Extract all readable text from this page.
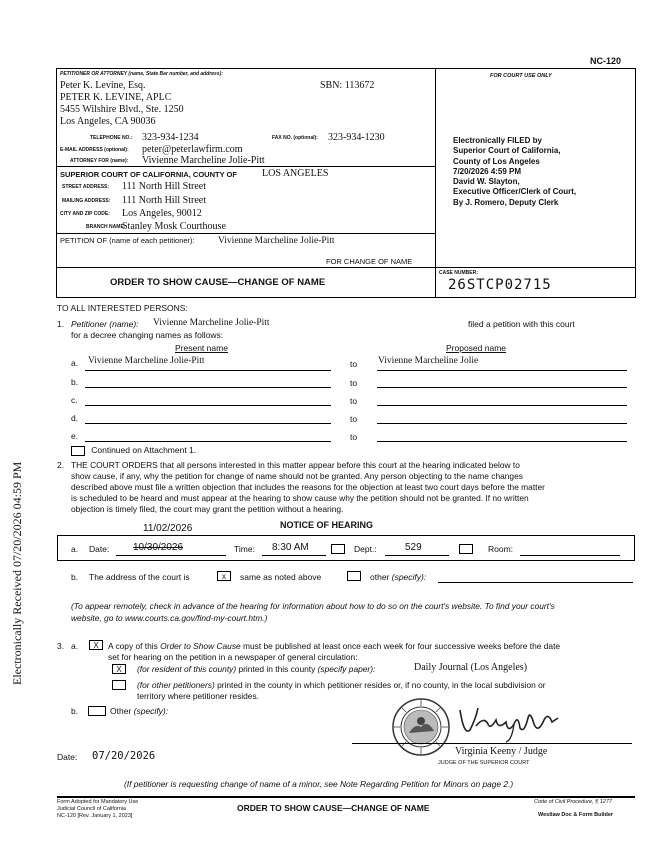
Electronically Received 07/20/2026 04:59 PM
NC-120
PETITIONER OR ATTORNEY (name, State Bar number, and address):
Peter K. Levine, Esq.	SBN: 113672
PETER K. LEVINE, APLC
5455 Wilshire Blvd., Ste. 1250
Los Angeles, CA 90036
TELEPHONE NO.: 323-934-1234	FAX NO. (optional): 323-934-1230
E-MAIL ADDRESS (optional): peter@peterlawfirm.com
ATTORNEY FOR (name): Vivienne Marcheline Jolie-Pitt
SUPERIOR COURT OF CALIFORNIA, COUNTY OF	LOS ANGELES
STREET ADDRESS: 111 North Hill Street
MAILING ADDRESS: 111 North Hill Street
CITY AND ZIP CODE: Los Angeles, 90012
BRANCH NAME:
Stanley Mosk Courthouse
PETITION OF (name of each petitioner): Vivienne Marcheline Jolie-Pitt
FOR CHANGE OF NAME
ORDER TO SHOW CAUSE—CHANGE OF NAME
FOR COURT USE ONLY
Electronically FILED by
Superior Court of California,
County of Los Angeles
7/20/2026 4:59 PM
David W. Slayton,
Executive Officer/Clerk of Court,
By J. Romero, Deputy Clerk
CASE NUMBER:
26STCP02715
TO ALL INTERESTED PERSONS:
1. Petitioner (name): Vivienne Marcheline Jolie-Pitt	filed a petition with this court
for a decree changing names as follows:
Present name	Proposed name
a. Vivienne Marcheline Jolie-Pitt	to Vivienne Marcheline Jolie
b.	to
c.	to
d.	to
e.	to
Continued on Attachment 1.
2. THE COURT ORDERS that all persons interested in this matter appear before this court at the hearing indicated below to
show cause, if any, why the petition for change of name should not be granted. Any person objecting to the name changes
described above must file a written objection that includes the reasons for the objection at least two court days before the matter
is scheduled to be heard and must appear at the hearing to show cause why the petition should not be granted. If no written
objection is timely filed, the court may grant the petition without a hearing.
11/02/2026	NOTICE OF HEARING
a. Date: 10/30/2026	Time: 8:30 AM	Dept.:	529	Room:
b. The address of the court is	x	same as noted above	other (specify):
(To appear remotely, check in advance of the hearing for information about how to do so on the court's website. To find your court's
website, go to www.courts.ca.gov/find-my-court.htm.)
3. a.	X	A copy of this Order to Show Cause must be published at least once each week for four successive weeks before the date
set for hearing on the petition in a newspaper of general circulation:
X	(for resident of this county) printed in this county (specify paper):	Daily Journal (Los Angeles)
(for other petitioners) printed in the county in which petitioner resides or, if no county, in the local subdivision or
territory where petitioner resides.
b.	Other (specify):
Date: 07/20/2026	Virginia Keeny / Judge
JUDGE OF THE SUPERIOR COURT
(If petitioner is requesting change of name of a minor, see Note Regarding Petition for Minors on page 2.)
Form Adopted for Mandatory Use
Judicial Council of California
NC-120 [Rev. January 1, 2023]
ORDER TO SHOW CAUSE—CHANGE OF NAME
Code of Civil Procedure, § 1277
Westlaw Doc & Form Builder
